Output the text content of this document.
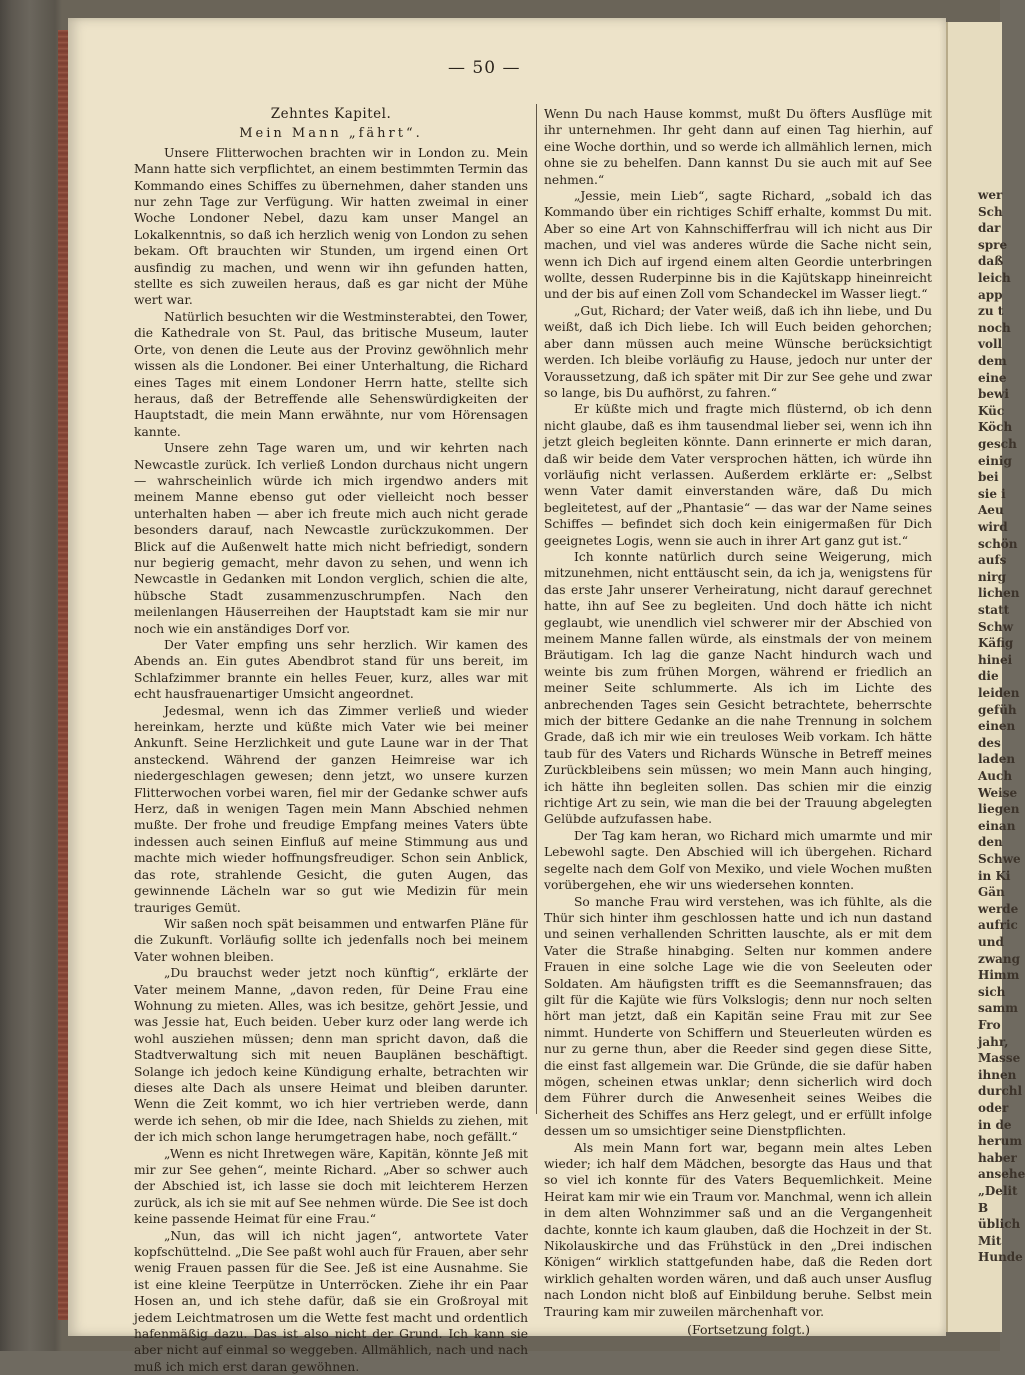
wer
Sch
dar
spre
daß
leich
app
zu t
noch
voll
dem
eine
bewi
Küc
Köch
gesch
einig
bei
sie i
Aeu
wird
schön
aufs
nirg
lichen
statt
Schw
Käfig
hinei
die
leiden
gefüh
einen
des
laden
Auch
Weise
liegen
einan
den
Schwe
in Ki
Gän
werde
aufric
und
zwang
Himm
sich
samm
Fro
jahr,
Masse
ihnen
durchl
oder
in de
herum
haber
ansehe
„Delit
B
üblich
Mit
Hunde
— 50 —

Zehntes Kapitel.

Mein Mann „fährt“.

Unsere Flitterwochen brachten wir in London zu. Mein Mann hatte sich verpflichtet, an einem bestimmten Termin das Kommando eines Schiffes zu übernehmen, daher standen uns nur zehn Tage zur Verfügung. Wir hatten zweimal in einer Woche Londoner Nebel, dazu kam unser Mangel an Lokalkenntnis, so daß ich herzlich wenig von London zu sehen bekam. Oft brauchten wir Stunden, um irgend einen Ort ausfindig zu machen, und wenn wir ihn gefunden hatten, stellte es sich zuweilen heraus, daß es gar nicht der Mühe wert war.

Natürlich besuchten wir die Westminsterabtei, den Tower, die Kathedrale von St. Paul, das britische Museum, lauter Orte, von denen die Leute aus der Provinz gewöhnlich mehr wissen als die Londoner. Bei einer Unterhaltung, die Richard eines Tages mit einem Londoner Herrn hatte, stellte sich heraus, daß der Betreffende alle Sehenswürdigkeiten der Hauptstadt, die mein Mann erwähnte, nur vom Hörensagen kannte.

Unsere zehn Tage waren um, und wir kehrten nach Newcastle zurück. Ich verließ London durchaus nicht ungern — wahrscheinlich würde ich mich irgendwo anders mit meinem Manne ebenso gut oder vielleicht noch besser unterhalten haben — aber ich freute mich auch nicht gerade besonders darauf, nach Newcastle zurückzukommen. Der Blick auf die Außenwelt hatte mich nicht befriedigt, sondern nur begierig gemacht, mehr davon zu sehen, und wenn ich Newcastle in Gedanken mit London verglich, schien die alte, hübsche Stadt zusammenzuschrumpfen. Nach den meilenlangen Häuserreihen der Hauptstadt kam sie mir nur noch wie ein anständiges Dorf vor.

Der Vater empfing uns sehr herzlich. Wir kamen des Abends an. Ein gutes Abendbrot stand für uns bereit, im Schlafzimmer brannte ein helles Feuer, kurz, alles war mit echt hausfrauenartiger Umsicht angeordnet.

Jedesmal, wenn ich das Zimmer verließ und wieder hereinkam, herzte und küßte mich Vater wie bei meiner Ankunft. Seine Herzlichkeit und gute Laune war in der That ansteckend. Während der ganzen Heimreise war ich niedergeschlagen gewesen; denn jetzt, wo unsere kurzen Flitterwochen vorbei waren, fiel mir der Gedanke schwer aufs Herz, daß in wenigen Tagen mein Mann Abschied nehmen mußte. Der frohe und freudige Empfang meines Vaters übte indessen auch seinen Einfluß auf meine Stimmung aus und machte mich wieder hoffnungsfreudiger. Schon sein Anblick, das rote, strahlende Gesicht, die guten Augen, das gewinnende Lächeln war so gut wie Medizin für mein trauriges Gemüt.

Wir saßen noch spät beisammen und entwarfen Pläne für die Zukunft. Vorläufig sollte ich jedenfalls noch bei meinem Vater wohnen bleiben.

„Du brauchst weder jetzt noch künftig“, erklärte der Vater meinem Manne, „davon reden, für Deine Frau eine Wohnung zu mieten. Alles, was ich besitze, gehört Jessie, und was Jessie hat, Euch beiden. Ueber kurz oder lang werde ich wohl ausziehen müssen; denn man spricht davon, daß die Stadtverwaltung sich mit neuen Bauplänen beschäftigt. Solange ich jedoch keine Kündigung erhalte, betrachten wir dieses alte Dach als unsere Heimat und bleiben darunter. Wenn die Zeit kommt, wo ich hier vertrieben werde, dann werde ich sehen, ob mir die Idee, nach Shields zu ziehen, mit der ich mich schon lange herumgetragen habe, noch gefällt.“

„Wenn es nicht Ihretwegen wäre, Kapitän, könnte Jeß mit mir zur See gehen“, meinte Richard. „Aber so schwer auch der Abschied ist, ich lasse sie doch mit leichterem Herzen zurück, als ich sie mit auf See nehmen würde. Die See ist doch keine passende Heimat für eine Frau.“

„Nun, das will ich nicht jagen“, antwortete Vater kopfschüttelnd. „Die See paßt wohl auch für Frauen, aber sehr wenig Frauen passen für die See. Jeß ist eine Ausnahme. Sie ist eine kleine Teerpütze in Unterröcken. Ziehe ihr ein Paar Hosen an, und ich stehe dafür, daß sie ein Großroyal mit jedem Leichtmatrosen um die Wette fest macht und ordentlich hafenmäßig dazu. Das ist also nicht der Grund. Ich kann sie aber nicht auf einmal so weggeben. Allmählich, nach und nach muß ich mich erst daran gewöhnen.

Wenn Du nach Hause kommst, mußt Du öfters Ausflüge mit ihr unternehmen. Ihr geht dann auf einen Tag hierhin, auf eine Woche dorthin, und so werde ich allmählich lernen, mich ohne sie zu behelfen. Dann kannst Du sie auch mit auf See nehmen.“

„Jessie, mein Lieb“, sagte Richard, „sobald ich das Kommando über ein richtiges Schiff erhalte, kommst Du mit. Aber so eine Art von Kahnschifferfrau will ich nicht aus Dir machen, und viel was anderes würde die Sache nicht sein, wenn ich Dich auf irgend einem alten Geordie unterbringen wollte, dessen Ruderpinne bis in die Kajütskapp hineinreicht und der bis auf einen Zoll vom Schandeckel im Wasser liegt.“

„Gut, Richard; der Vater weiß, daß ich ihn liebe, und Du weißt, daß ich Dich liebe. Ich will Euch beiden gehorchen; aber dann müssen auch meine Wünsche berücksichtigt werden. Ich bleibe vorläufig zu Hause, jedoch nur unter der Voraussetzung, daß ich später mit Dir zur See gehe und zwar so lange, bis Du aufhörst, zu fahren.“

Er küßte mich und fragte mich flüsternd, ob ich denn nicht glaube, daß es ihm tausendmal lieber sei, wenn ich ihn jetzt gleich begleiten könnte. Dann erinnerte er mich daran, daß wir beide dem Vater versprochen hätten, ich würde ihn vorläufig nicht verlassen. Außerdem erklärte er: „Selbst wenn Vater damit einverstanden wäre, daß Du mich begleitetest, auf der „Phantasie“ — das war der Name seines Schiffes — befindet sich doch kein einigermaßen für Dich geeignetes Logis, wenn sie auch in ihrer Art ganz gut ist.“

Ich konnte natürlich durch seine Weigerung, mich mitzunehmen, nicht enttäuscht sein, da ich ja, wenigstens für das erste Jahr unserer Verheiratung, nicht darauf gerechnet hatte, ihn auf See zu begleiten. Und doch hätte ich nicht geglaubt, wie unendlich viel schwerer mir der Abschied von meinem Manne fallen würde, als einstmals der von meinem Bräutigam. Ich lag die ganze Nacht hindurch wach und weinte bis zum frühen Morgen, während er friedlich an meiner Seite schlummerte. Als ich im Lichte des anbrechenden Tages sein Gesicht betrachtete, beherrschte mich der bittere Gedanke an die nahe Trennung in solchem Grade, daß ich mir wie ein treuloses Weib vorkam. Ich hätte taub für des Vaters und Richards Wünsche in Betreff meines Zurückbleibens sein müssen; wo mein Mann auch hinging, ich hätte ihn begleiten sollen. Das schien mir die einzig richtige Art zu sein, wie man die bei der Trauung abgelegten Gelübde aufzufassen habe.

Der Tag kam heran, wo Richard mich umarmte und mir Lebewohl sagte. Den Abschied will ich übergehen. Richard segelte nach dem Golf von Mexiko, und viele Wochen mußten vorübergehen, ehe wir uns wiedersehen konnten.

So manche Frau wird verstehen, was ich fühlte, als die Thür sich hinter ihm geschlossen hatte und ich nun dastand und seinen verhallenden Schritten lauschte, als er mit dem Vater die Straße hinabging. Selten nur kommen andere Frauen in eine solche Lage wie die von Seeleuten oder Soldaten. Am häufigsten trifft es die Seemannsfrauen; das gilt für die Kajüte wie fürs Volkslogis; denn nur noch selten hört man jetzt, daß ein Kapitän seine Frau mit zur See nimmt. Hunderte von Schiffern und Steuerleuten würden es nur zu gerne thun, aber die Reeder sind gegen diese Sitte, die einst fast allgemein war. Die Gründe, die sie dafür haben mögen, scheinen etwas unklar; denn sicherlich wird doch dem Führer durch die Anwesenheit seines Weibes die Sicherheit des Schiffes ans Herz gelegt, und er erfüllt infolge dessen um so umsichtiger seine Dienstpflichten.

Als mein Mann fort war, begann mein altes Leben wieder; ich half dem Mädchen, besorgte das Haus und that so viel ich konnte für des Vaters Bequemlichkeit. Meine Heirat kam mir wie ein Traum vor. Manchmal, wenn ich allein in dem alten Wohnzimmer saß und an die Vergangenheit dachte, konnte ich kaum glauben, daß die Hochzeit in der St. Nikolauskirche und das Frühstück in den „Drei indischen Königen“ wirklich stattgefunden habe, daß die Reden dort wirklich gehalten worden wären, und daß auch unser Ausflug nach London nicht bloß auf Einbildung beruhe. Selbst mein Trauring kam mir zuweilen märchenhaft vor.

(Fortsetzung folgt.)
